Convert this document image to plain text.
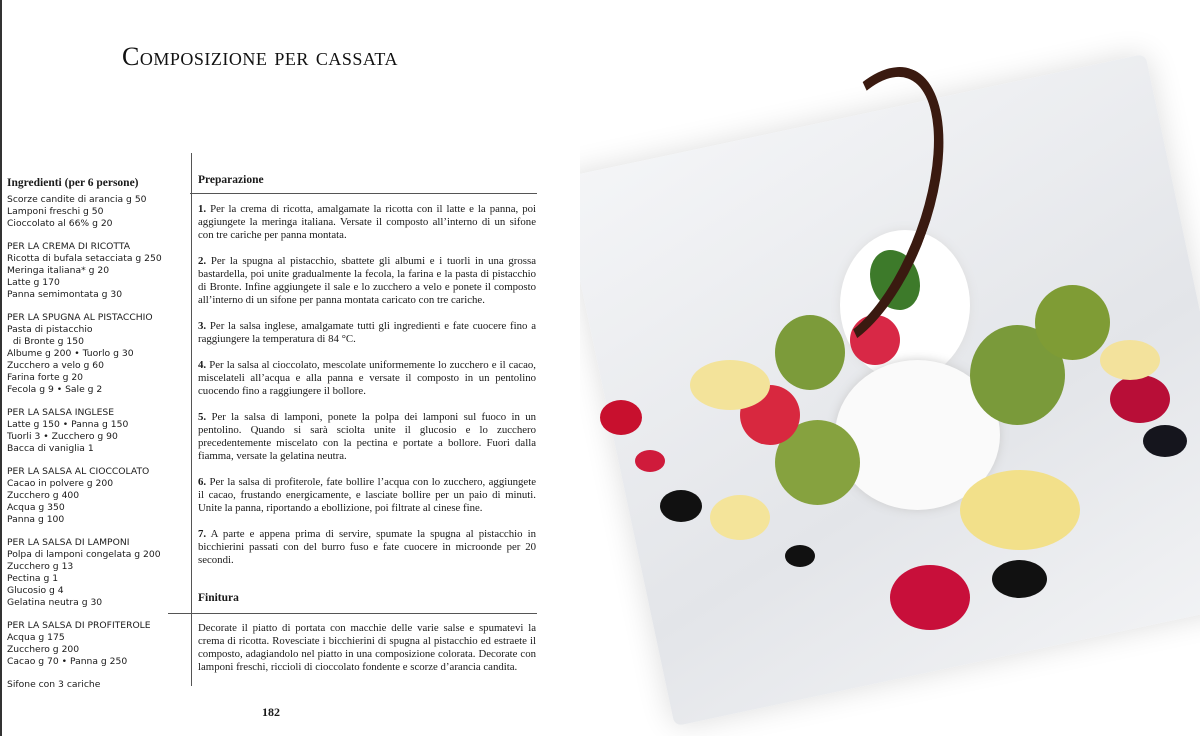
Composizione per cassata
Ingredienti (per 6 persone)
Scorze candite di arancia g 50
Lamponi freschi g 50
Cioccolato al 66% g 20
PER LA CREMA DI RICOTTA
Ricotta di bufala setacciata g 250
Meringa italiana* g 20
Latte g 170
Panna semimontata g 30
PER LA SPUGNA AL PISTACCHIO
Pasta di pistacchio
di Bronte g 150
Albume g 200 • Tuorlo g 30
Zucchero a velo g 60
Farina forte g 20
Fecola g 9 • Sale g 2
PER LA SALSA INGLESE
Latte g 150 • Panna g 150
Tuorli 3 • Zucchero g 90
Bacca di vaniglia 1
PER LA SALSA AL CIOCCOLATO
Cacao in polvere g 200
Zucchero g 400
Acqua g 350
Panna g 100
PER LA SALSA DI LAMPONI
Polpa di lamponi congelata g 200
Zucchero g 13
Pectina g 1
Glucosio g 4
Gelatina neutra g 30
PER LA SALSA DI PROFITEROLE
Acqua g 175
Zucchero g 200
Cacao g 70 • Panna g 250
Sifone con 3 cariche
Preparazione

1. Per la crema di ricotta, amalgamate la ricotta con il latte e la panna, poi aggiungete la meringa italiana. Versate il composto all’interno di un sifone con tre cariche per panna montata.

2. Per la spugna al pistacchio, sbattete gli albumi e i tuorli in una grossa bastardella, poi unite gradualmente la fecola, la farina e la pasta di pistacchio di Bronte. Infine aggiungete il sale e lo zucchero a velo e ponete il composto all’interno di un sifone per panna montata caricato con tre cariche.

3. Per la salsa inglese, amalgamate tutti gli ingredienti e fate cuocere fino a raggiungere la temperatura di 84 °C.

4. Per la salsa al cioccolato, mescolate uniformemente lo zucchero e il cacao, miscelateli all’acqua e alla panna e versate il composto in un pentolino cuocendo fino a raggiungere il bollore.

5. Per la salsa di lamponi, ponete la polpa dei lamponi sul fuoco in un pentolino. Quando si sarà sciolta unite il glucosio e lo zucchero precedentemente miscelato con la pectina e portate a bollore. Fuori dalla fiamma, versate la gelatina neutra.

6. Per la salsa di profiterole, fate bollire l’acqua con lo zucchero, aggiungete il cacao, frustando energicamente, e lasciate bollire per un paio di minuti. Unite la panna, riportando a ebollizione, poi filtrate al cinese fine.

7. A parte e appena prima di servire, spumate la spugna al pistacchio in bicchierini passati con del burro fuso e fate cuocere in microonde per 20 secondi.

Finitura

Decorate il piatto di portata con macchie delle varie salse e spumatevi la crema di ricotta. Rovesciate i bicchierini di spugna al pistacchio ed estraete il composto, adagiandolo nel piatto in una composizione colorata. Decorate con lamponi freschi, riccioli di cioccolato fondente e scorze d’arancia candita.

182
